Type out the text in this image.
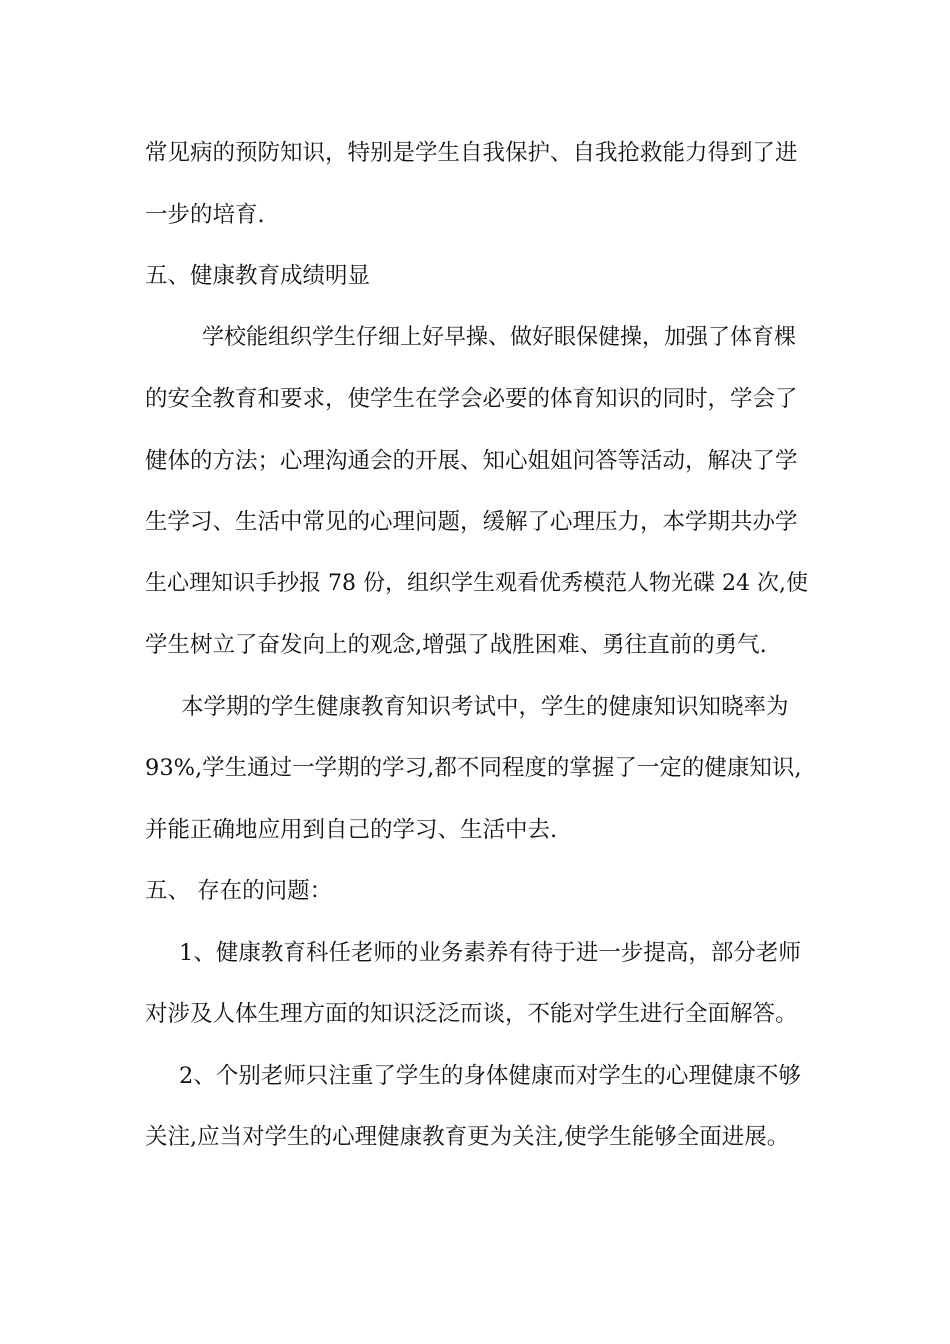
常见病的预防知识，特别是学生自我保护、自我抢救能力得到了进
一步的培育.
五、健康教育成绩明显
学校能组织学生仔细上好早操、做好眼保健操，加强了体育棵
的安全教育和要求，使学生在学会必要的体育知识的同时，学会了
健体的方法；心理沟通会的开展、知心姐姐问答等活动，解决了学
生学习、生活中常见的心理问题，缓解了心理压力，本学期共办学
生心理知识手抄报 78 份，组织学生观看优秀模范人物光碟 24 次,使
学生树立了奋发向上的观念,增强了战胜困难、勇往直前的勇气.
本学期的学生健康教育知识考试中，学生的健康知识知晓率为
93%,学生通过一学期的学习,都不同程度的掌握了一定的健康知识,
并能正确地应用到自己的学习、生活中去.
五、 存在的问题：
1、健康教育科任老师的业务素养有待于进一步提高，部分老师
对涉及人体生理方面的知识泛泛而谈，不能对学生进行全面解答。
2、个别老师只注重了学生的身体健康而对学生的心理健康不够
关注,应当对学生的心理健康教育更为关注,使学生能够全面进展。
